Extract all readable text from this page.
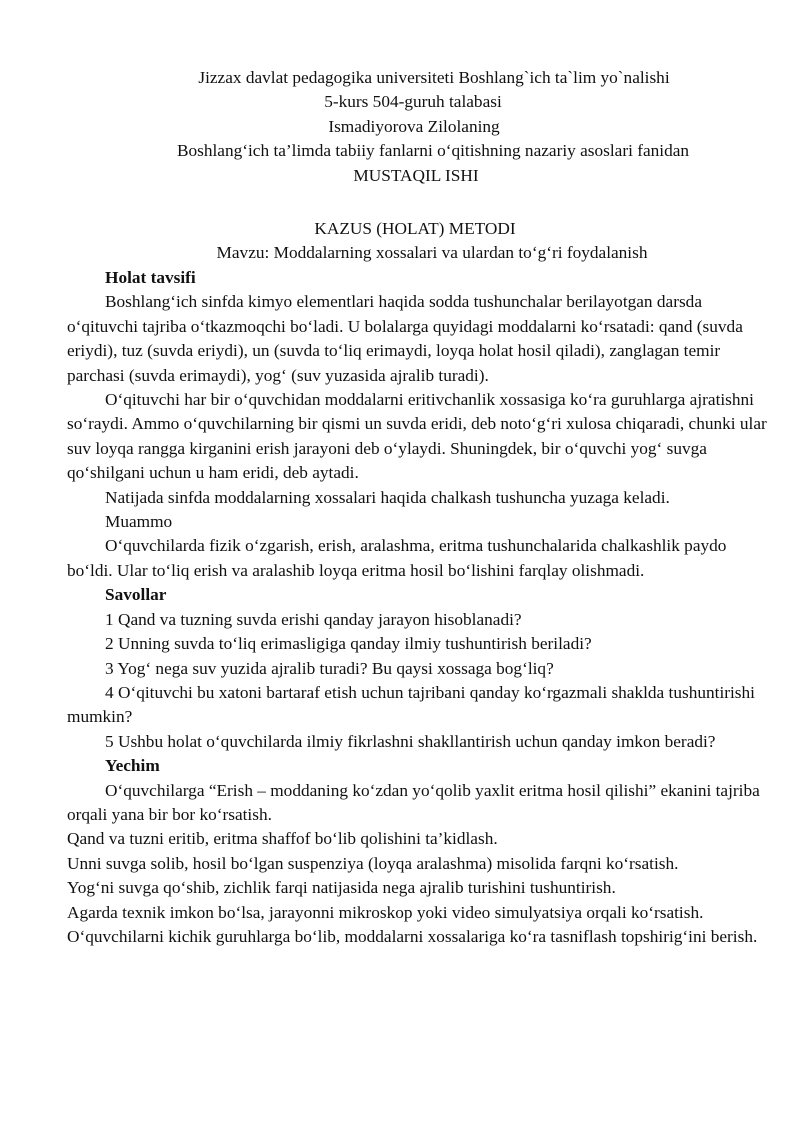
Jizzax davlat pedagogika universiteti Boshlang`ich ta`lim yo`nalishi
5-kurs 504-guruh talabasi
Ismadiyorova Zilolaning
Boshlang‘ich ta’limda tabiiy fanlarni o‘qitishning nazariy asoslari fanidan
MUSTAQIL ISHI
KAZUS (HOLAT) METODI
Mavzu: Moddalarning xossalari va ulardan to‘g‘ri foydalanish

Holat tavsifi

Boshlang‘ich sinfda kimyo elementlari haqida sodda tushunchalar berilayotgan darsda o‘qituvchi tajriba o‘tkazmoqchi bo‘ladi. U bolalarga quyidagi moddalarni ko‘rsatadi: qand (suvda eriydi), tuz (suvda eriydi), un (suvda to‘liq erimaydi, loyqa holat hosil qiladi), zanglagan temir parchasi (suvda erimaydi), yog‘ (suv yuzasida ajralib turadi).

O‘qituvchi har bir o‘quvchidan moddalarni eritivchanlik xossasiga ko‘ra guruhlarga ajratishni so‘raydi. Ammo o‘quvchilarning bir qismi un suvda eridi, deb noto‘g‘ri xulosa chiqaradi, chunki ular suv loyqa rangga kirganini erish jarayoni deb o‘ylaydi. Shuningdek, bir o‘quvchi yog‘ suvga qo‘shilgani uchun u ham eridi, deb aytadi.

Natijada sinfda moddalarning xossalari haqida chalkash tushuncha yuzaga keladi.

Muammo

O‘quvchilarda fizik o‘zgarish, erish, aralashma, eritma tushunchalarida chalkashlik paydo bo‘ldi. Ular to‘liq erish va aralashib loyqa eritma hosil bo‘lishini farqlay olishmadi.

Savollar

1 Qand va tuzning suvda erishi qanday jarayon hisoblanadi?

2 Unning suvda to‘liq erimasligiga qanday ilmiy tushuntirish beriladi?

3 Yog‘ nega suv yuzida ajralib turadi? Bu qaysi xossaga bog‘liq?

4 O‘qituvchi bu xatoni bartaraf etish uchun tajribani qanday ko‘rgazmali shaklda tushuntirishi mumkin?

5 Ushbu holat o‘quvchilarda ilmiy fikrlashni shakllantirish uchun qanday imkon beradi?

Yechim

O‘quvchilarga “Erish – moddaning ko‘zdan yo‘qolib yaxlit eritma hosil qilishi” ekanini tajriba orqali yana bir bor ko‘rsatish.

Qand va tuzni eritib, eritma shaffof bo‘lib qolishini ta’kidlash.

Unni suvga solib, hosil bo‘lgan suspenziya (loyqa aralashma) misolida farqni ko‘rsatish.

Yog‘ni suvga qo‘shib, zichlik farqi natijasida nega ajralib turishini tushuntirish.

Agarda texnik imkon bo‘lsa, jarayonni mikroskop yoki video simulyatsiya orqali ko‘rsatish.

O‘quvchilarni kichik guruhlarga bo‘lib, moddalarni xossalariga ko‘ra tasniflash topshirig‘ini berish.
